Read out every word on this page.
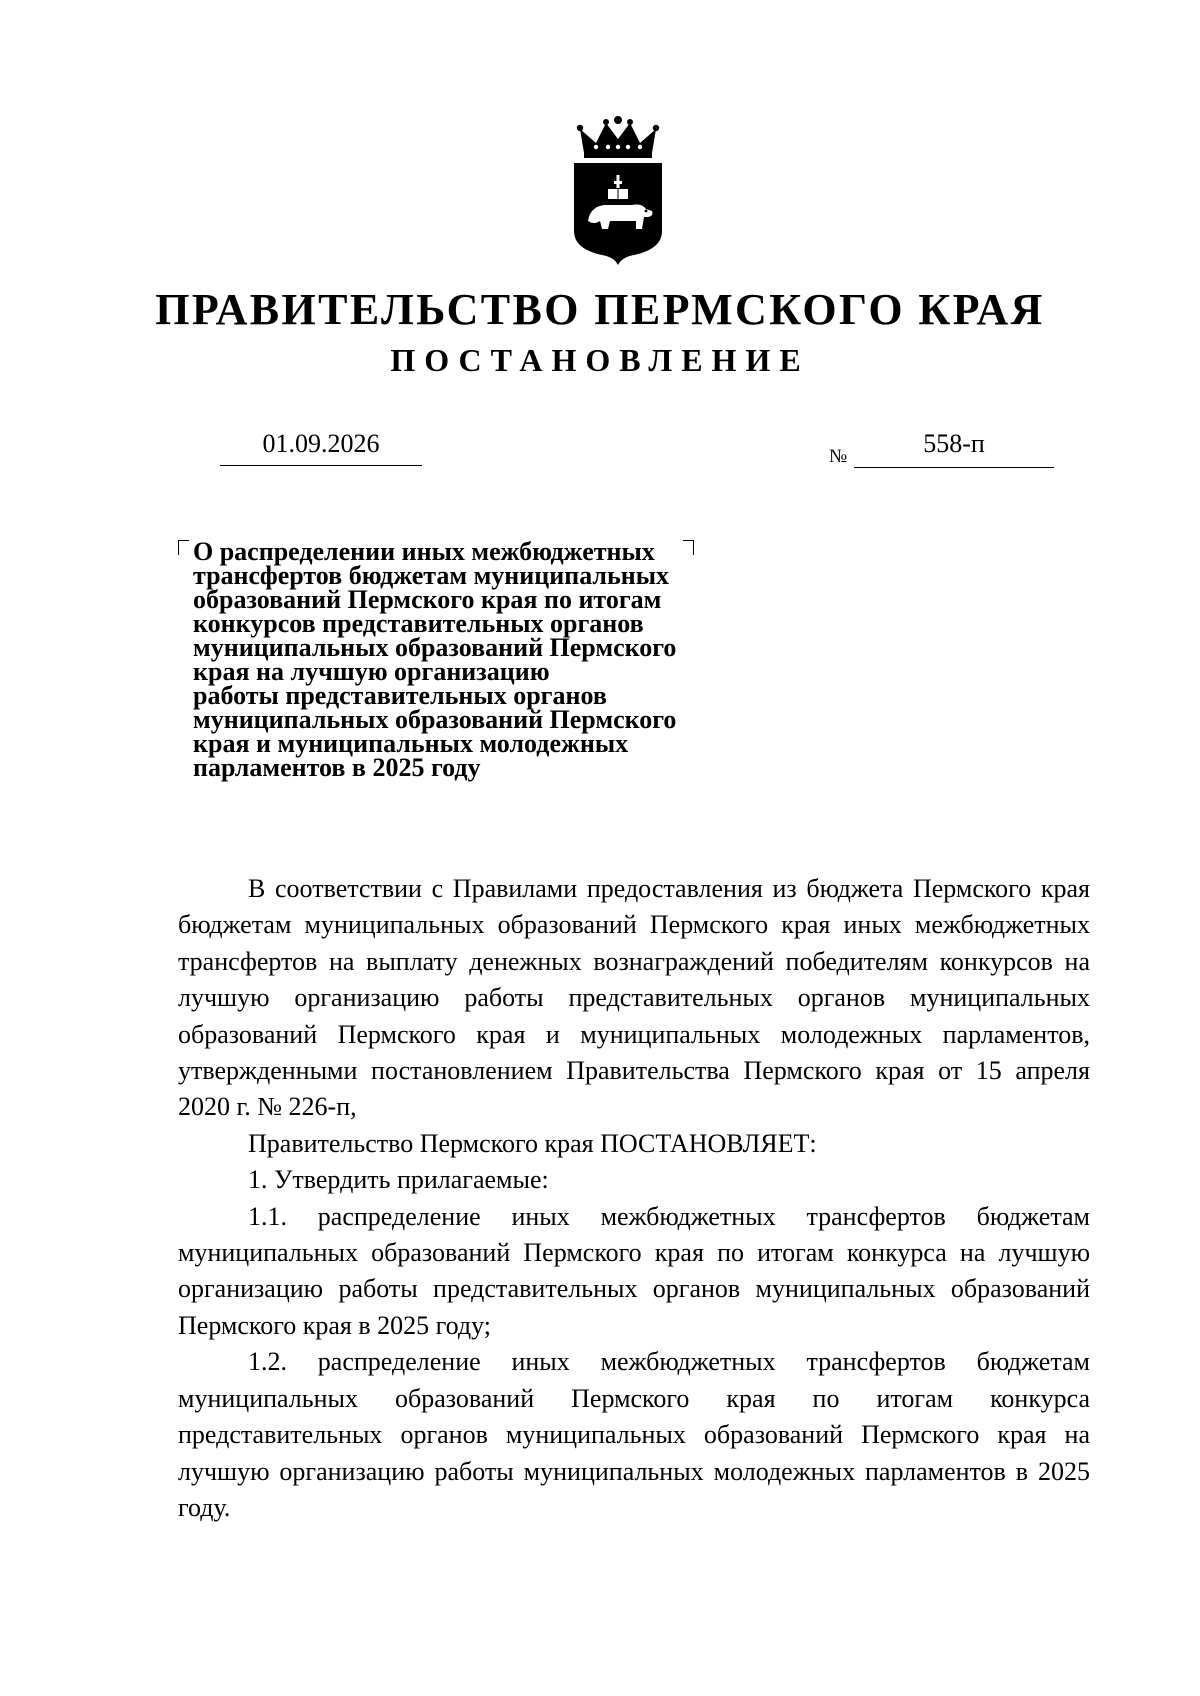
ПРАВИТЕЛЬСТВО ПЕРМСКОГО КРАЯ
ПОСТАНОВЛЕНИЕ
01.09.2026	№	558-п
О распределении иных межбюджетных
трансфертов бюджетам муниципальных
образований Пермского края по итогам
конкурсов представительных органов
муниципальных образований Пермского
края на лучшую организацию
работы представительных органов
муниципальных образований Пермского
края и муниципальных молодежных
парламентов в 2025 году

В соответствии с Правилами предоставления из бюджета Пермского края бюджетам муниципальных образований Пермского края иных межбюджетных трансфертов на выплату денежных вознаграждений победителям конкурсов на лучшую организацию работы представительных органов муниципальных образований Пермского края и муниципальных молодежных парламентов, утвержденными постановлением Правительства Пермского края от 15 апреля 2020 г. № 226-п,

Правительство Пермского края ПОСТАНОВЛЯЕТ:

1. Утвердить прилагаемые:

1.1. распределение иных межбюджетных трансфертов бюджетам муниципальных образований Пермского края по итогам конкурса на лучшую организацию работы представительных органов муниципальных образований Пермского края в 2025 году;

1.2. распределение иных межбюджетных трансфертов бюджетам муниципальных образований Пермского края по итогам конкурса представительных органов муниципальных образований Пермского края на лучшую организацию работы муниципальных молодежных парламентов в 2025 году.
